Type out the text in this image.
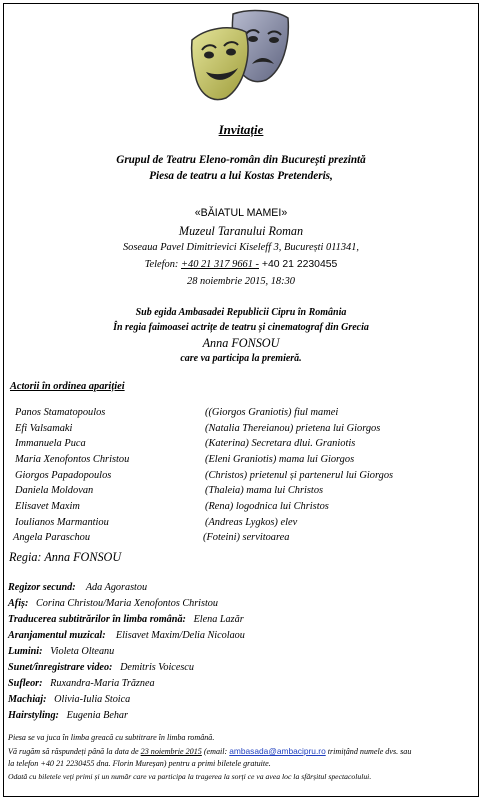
Invitație
Grupul de Teatru Eleno-român din București prezintă
Piesa de teatru a lui Kostas Pretenderis,
«BĂIATUL MAMEI»
Muzeul Taranului Roman
Soseaua Pavel Dimitrievici Kiseleff 3, București 011341,
Telefon: +40 21 317 9661 - +40 21 2230455
28 noiembrie 2015, 18:30
Sub egida Ambasadei Republicii Cipru în România
În regia faimoasei actrițe de teatru și cinematograf din Grecia
Anna FONSOU
care va participa la premieră.
Actorii în ordinea apariției
Panos Stamatopoulos	((Giorgos Graniotis) fiul mamei
Efi Valsamaki	(Natalia Thereianou) prietena lui Giorgos
Immanuela Puca	(Katerina) Secretara dlui. Graniotis
Maria Xenofontos Christou	(Eleni Graniotis) mama lui Giorgos
Giorgos Papadopoulos	(Christos) prietenul și partenerul lui Giorgos
Daniela Moldovan	(Thaleia) mama lui Christos
Elisavet Maxim	(Rena) logodnica lui Christos
Ioulianos Marmantiou	(Andreas Lygkos) elev
Angela Paraschou	(Foteini) servitoarea
Regia: Anna FONSOU
Regizor secund: Ada Agorastou
Afiș: Corina Christou/Maria Xenofontos Christou
Traducerea subtitrărilor în limba română: Elena Lazăr
Aranjamentul muzical: Elisavet Maxim/Delia Nicolaou
Lumini: Violeta Olteanu
Sunet/înregistrare video: Demitris Voicescu
Sufleor: Ruxandra-Maria Trăznea
Machiaj: Olivia-Iulia Stoica
Hairstyling: Eugenia Behar
Piesa se va juca în limba greacă cu subtitrare în limba română.
Vă rugăm să răspundeți până la data de 23 noiembrie 2015 (email: ambasada@ambacipru.ro trimițând numele dvs. sau
la telefon +40 21 2230455 dna. Florin Mureșan) pentru a primi biletele gratuite.
Odată cu biletele veți primi și un număr care va participa la tragerea la sorți ce va avea loc la sfârșitul spectacolului.
